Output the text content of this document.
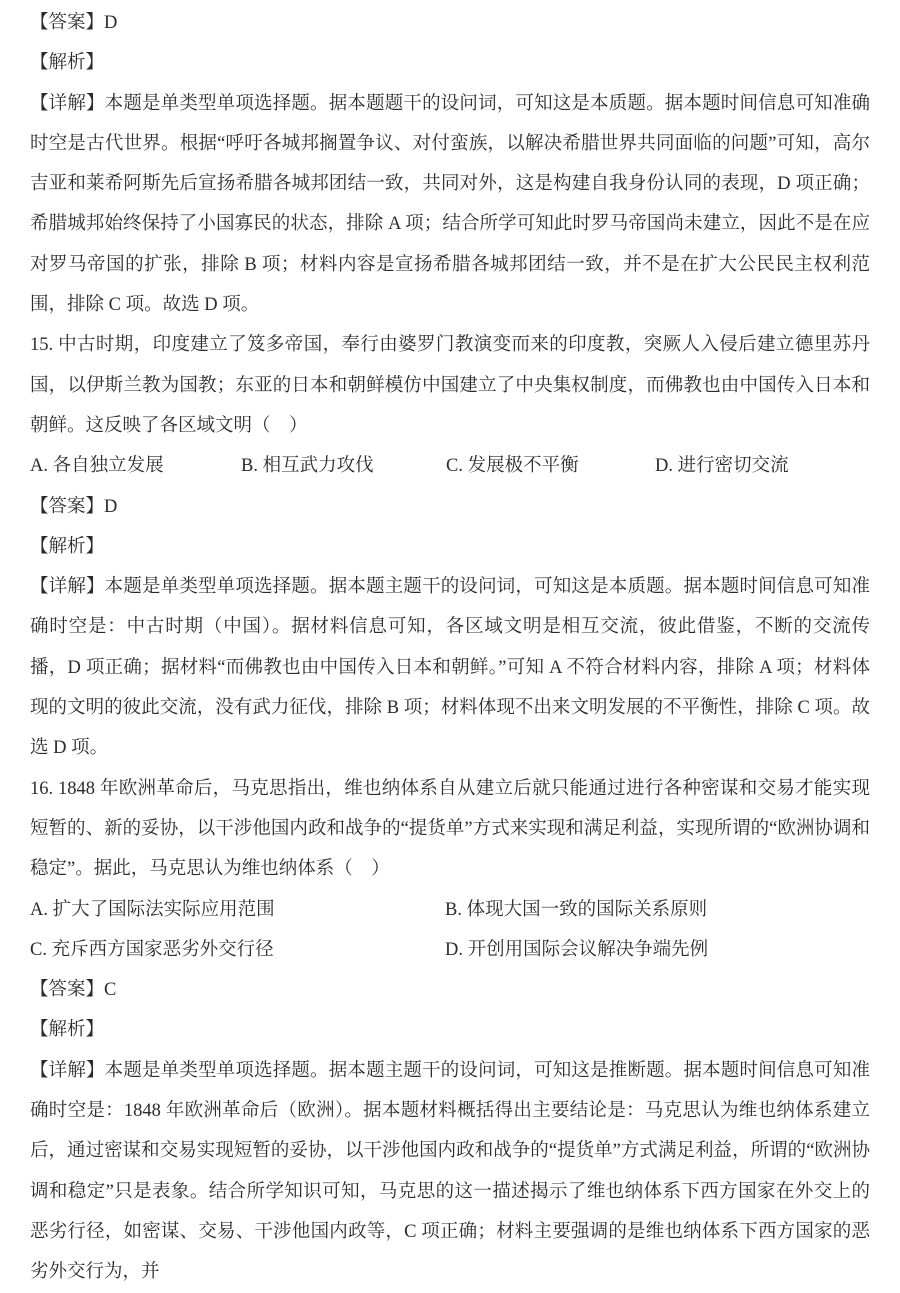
【答案】D

【解析】

【详解】本题是单类型单项选择题。据本题题干的设问词，可知这是本质题。据本题时间信息可知准确时空是古代世界。根据“呼吁各城邦搁置争议、对付蛮族，以解决希腊世界共同面临的问题”可知，高尔吉亚和莱希阿斯先后宣扬希腊各城邦团结一致，共同对外，这是构建自我身份认同的表现，D 项正确；希腊城邦始终保持了小国寡民的状态，排除 A 项；结合所学可知此时罗马帝国尚未建立，因此不是在应对罗马帝国的扩张，排除 B 项；材料内容是宣扬希腊各城邦团结一致，并不是在扩大公民民主权利范围，排除 C 项。故选 D 项。

15. 中古时期，印度建立了笈多帝国，奉行由婆罗门教演变而来的印度教，突厥人入侵后建立德里苏丹国，以伊斯兰教为国教；东亚的日本和朝鲜模仿中国建立了中央集权制度，而佛教也由中国传入日本和朝鲜。这反映了各区域文明（　）

A. 各自独立发展	B. 相互武力攻伐	C. 发展极不平衡	D. 进行密切交流

【答案】D

【解析】

【详解】本题是单类型单项选择题。据本题主题干的设问词，可知这是本质题。据本题时间信息可知准确时空是：中古时期（中国）。据材料信息可知，各区域文明是相互交流，彼此借鉴，不断的交流传播，D 项正确；据材料“而佛教也由中国传入日本和朝鲜。”可知 A 不符合材料内容，排除 A 项；材料体现的文明的彼此交流，没有武力征伐，排除 B 项；材料体现不出来文明发展的不平衡性，排除 C 项。故选 D 项。

16. 1848 年欧洲革命后，马克思指出，维也纳体系自从建立后就只能通过进行各种密谋和交易才能实现短暂的、新的妥协，以干涉他国内政和战争的“提货单”方式来实现和满足利益，实现所谓的“欧洲协调和稳定”。据此，马克思认为维也纳体系（　）

A. 扩大了国际法实际应用范围	B. 体现大国一致的国际关系原则
C. 充斥西方国家恶劣外交行径	D. 开创用国际会议解决争端先例

【答案】C

【解析】

【详解】本题是单类型单项选择题。据本题主题干的设问词，可知这是推断题。据本题时间信息可知准确时空是：1848 年欧洲革命后（欧洲）。据本题材料概括得出主要结论是：马克思认为维也纳体系建立后，通过密谋和交易实现短暂的妥协，以干涉他国内政和战争的“提货单”方式满足利益，所谓的“欧洲协调和稳定”只是表象。结合所学知识可知，马克思的这一描述揭示了维也纳体系下西方国家在外交上的恶劣行径，如密谋、交易、干涉他国内政等，C 项正确；材料主要强调的是维也纳体系下西方国家的恶劣外交行为，并
